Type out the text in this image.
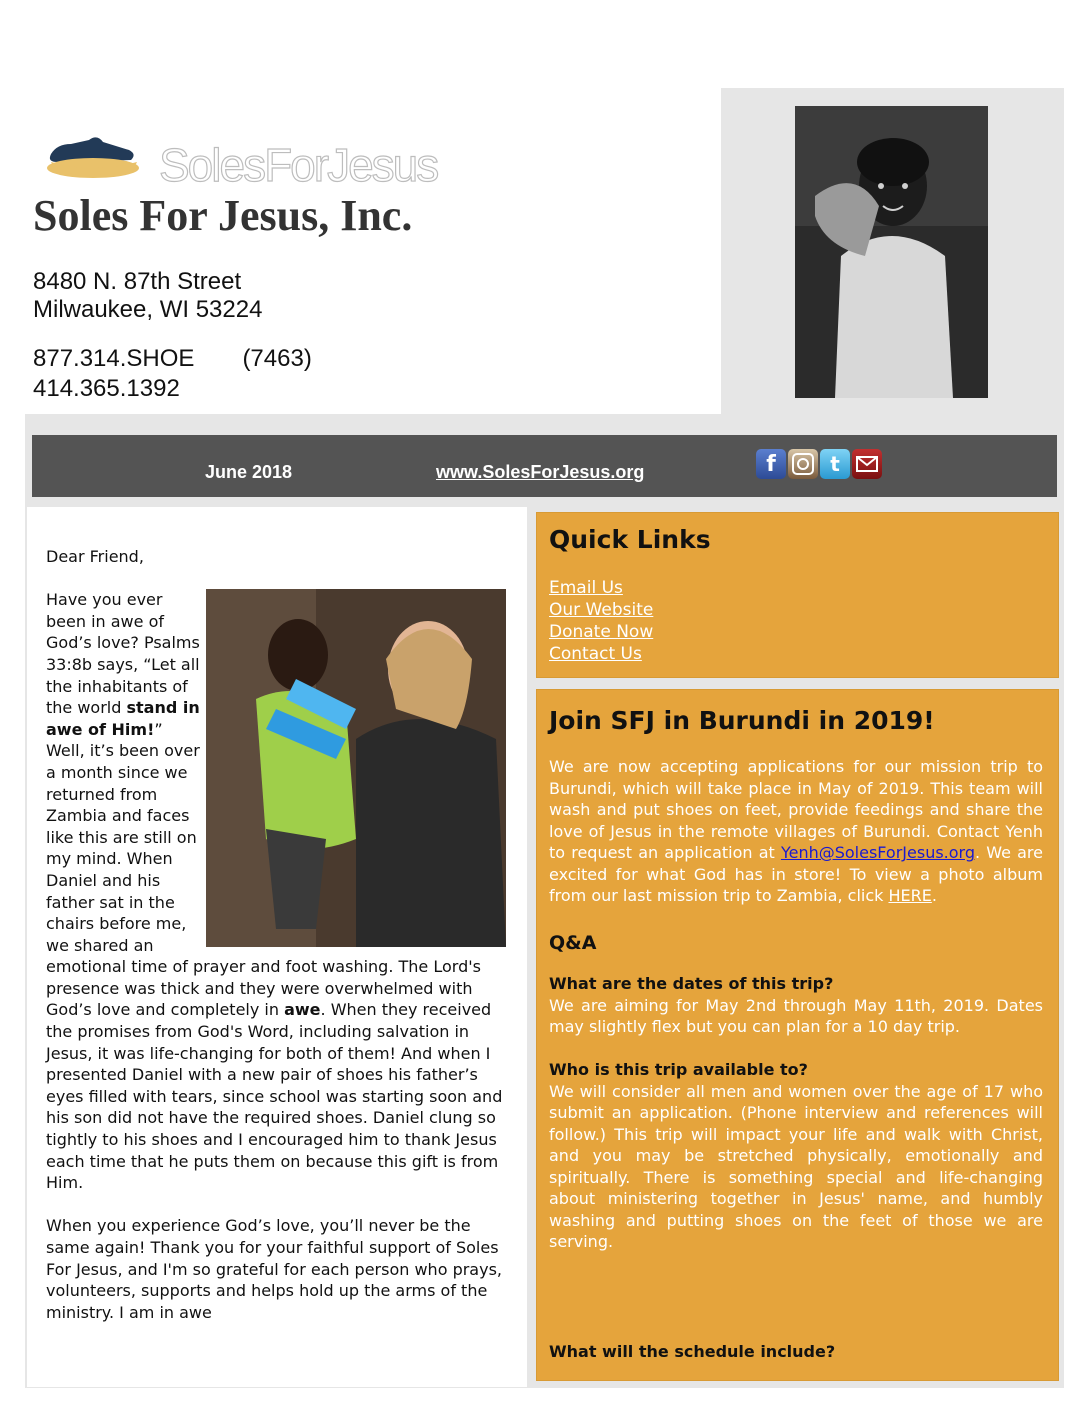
SolesForJesus
Soles For Jesus, Inc.
8480 N. 87th Street
Milwaukee, WI 53224
877.314.SHOE (7463)
414.365.1392
June 2018	www.SolesForJesus.org	f	t

Dear Friend,

Have you ever been in awe of God’s love? Psalms 33:8b says, “Let all the inhabitants of the world stand in awe of Him!” Well, it’s been over a month since we returned from Zambia and faces like this are still on my mind. When Daniel and his father sat in the chairs before me, we shared an emotional time of prayer and foot washing. The Lord's presence was thick and they were overwhelmed with God’s love and completely in awe. When they received the promises from God's Word, including salvation in Jesus, it was life-changing for both of them! And when I presented Daniel with a new pair of shoes his father’s eyes filled with tears, since school was starting soon and his son did not have the required shoes. Daniel clung so tightly to his shoes and I encouraged him to thank Jesus each time that he puts them on because this gift is from Him.

When you experience God’s love, you’ll never be the same again! Thank you for your faithful support of Soles For Jesus, and I'm so grateful for each person who prays, volunteers, supports and helps hold up the arms of the ministry. I am in awe

Quick Links
Email Us
Our Website
Donate Now
Contact Us
Join SFJ in Burundi in 2019!

We are now accepting applications for our mission trip to Burundi, which will take place in May of 2019. This team will wash and put shoes on feet, provide feedings and share the love of Jesus in the remote villages of Burundi. Contact Yenh to request an application at Yenh@SolesForJesus.org. We are excited for what God has in store! To view a photo album from our last mission trip to Zambia, click HERE.

Q&A

What are the dates of this trip?
We are aiming for May 2nd through May 11th, 2019. Dates may slightly flex but you can plan for a 10 day trip.

Who is this trip available to?
We will consider all men and women over the age of 17 who submit an application. (Phone interview and references will follow.) This trip will impact your life and walk with Christ, and you may be stretched physically, emotionally and spiritually. There is something special and life-changing about ministering together in Jesus' name, and humbly washing and putting shoes on the feet of those we are serving.

What will the schedule include?
